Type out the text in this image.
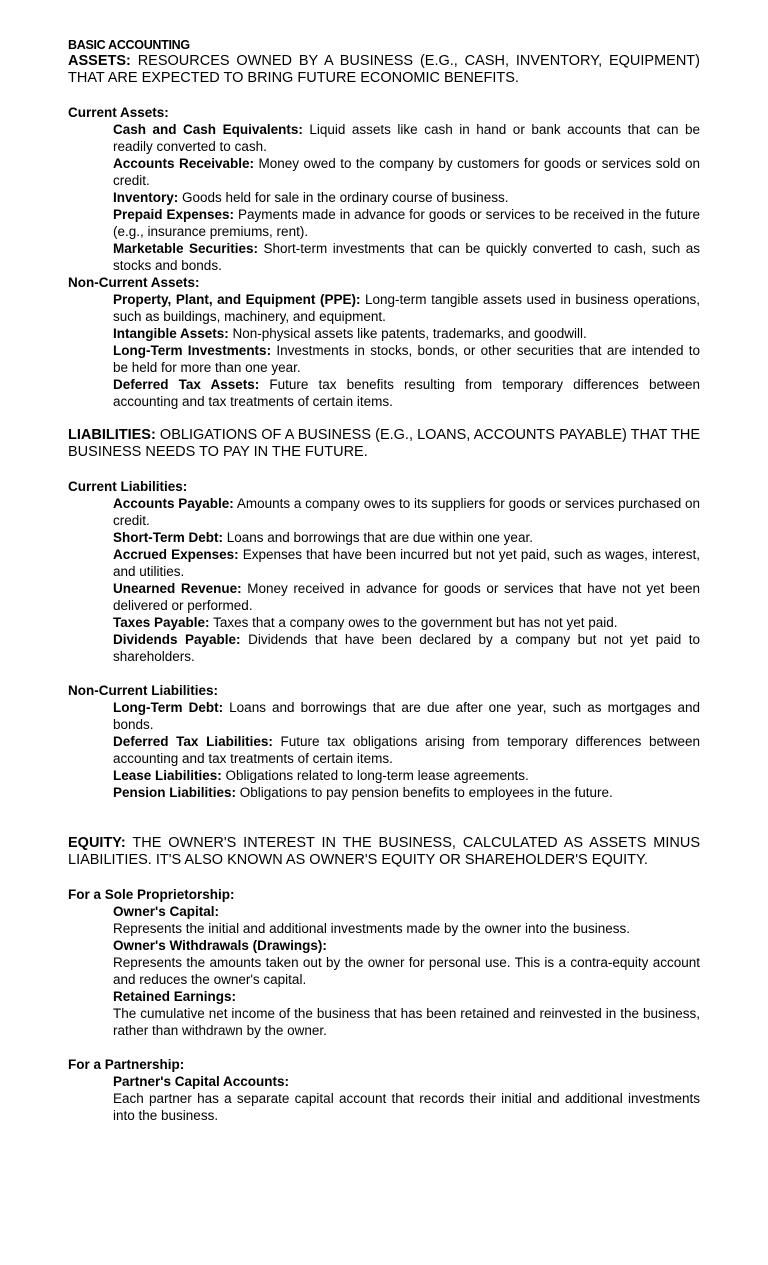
BASIC ACCOUNTING

ASSETS: RESOURCES OWNED BY A BUSINESS (E.G., CASH, INVENTORY, EQUIPMENT) THAT ARE EXPECTED TO BRING FUTURE ECONOMIC BENEFITS.

Current Assets:

Cash and Cash Equivalents: Liquid assets like cash in hand or bank accounts that can be readily converted to cash.

Accounts Receivable: Money owed to the company by customers for goods or services sold on credit.

Inventory: Goods held for sale in the ordinary course of business.

Prepaid Expenses: Payments made in advance for goods or services to be received in the future (e.g., insurance premiums, rent).

Marketable Securities: Short-term investments that can be quickly converted to cash, such as stocks and bonds.

Non-Current Assets:

Property, Plant, and Equipment (PPE): Long-term tangible assets used in business operations, such as buildings, machinery, and equipment.

Intangible Assets: Non-physical assets like patents, trademarks, and goodwill.

Long-Term Investments: Investments in stocks, bonds, or other securities that are intended to be held for more than one year.

Deferred Tax Assets: Future tax benefits resulting from temporary differences between accounting and tax treatments of certain items.

LIABILITIES: OBLIGATIONS OF A BUSINESS (E.G., LOANS, ACCOUNTS PAYABLE) THAT THE BUSINESS NEEDS TO PAY IN THE FUTURE.

Current Liabilities:

Accounts Payable: Amounts a company owes to its suppliers for goods or services purchased on credit.

Short-Term Debt: Loans and borrowings that are due within one year.

Accrued Expenses: Expenses that have been incurred but not yet paid, such as wages, interest, and utilities.

Unearned Revenue: Money received in advance for goods or services that have not yet been delivered or performed.

Taxes Payable: Taxes that a company owes to the government but has not yet paid.

Dividends Payable: Dividends that have been declared by a company but not yet paid to shareholders.

Non-Current Liabilities:

Long-Term Debt: Loans and borrowings that are due after one year, such as mortgages and bonds.

Deferred Tax Liabilities: Future tax obligations arising from temporary differences between accounting and tax treatments of certain items.

Lease Liabilities: Obligations related to long-term lease agreements.

Pension Liabilities: Obligations to pay pension benefits to employees in the future.

EQUITY: THE OWNER'S INTEREST IN THE BUSINESS, CALCULATED AS ASSETS MINUS LIABILITIES. IT'S ALSO KNOWN AS OWNER'S EQUITY OR SHAREHOLDER'S EQUITY.

For a Sole Proprietorship:

Owner's Capital:

Represents the initial and additional investments made by the owner into the business.

Owner's Withdrawals (Drawings):

Represents the amounts taken out by the owner for personal use. This is a contra-equity account and reduces the owner's capital.

Retained Earnings:

The cumulative net income of the business that has been retained and reinvested in the business, rather than withdrawn by the owner.

For a Partnership:

Partner's Capital Accounts:

Each partner has a separate capital account that records their initial and additional investments into the business.
